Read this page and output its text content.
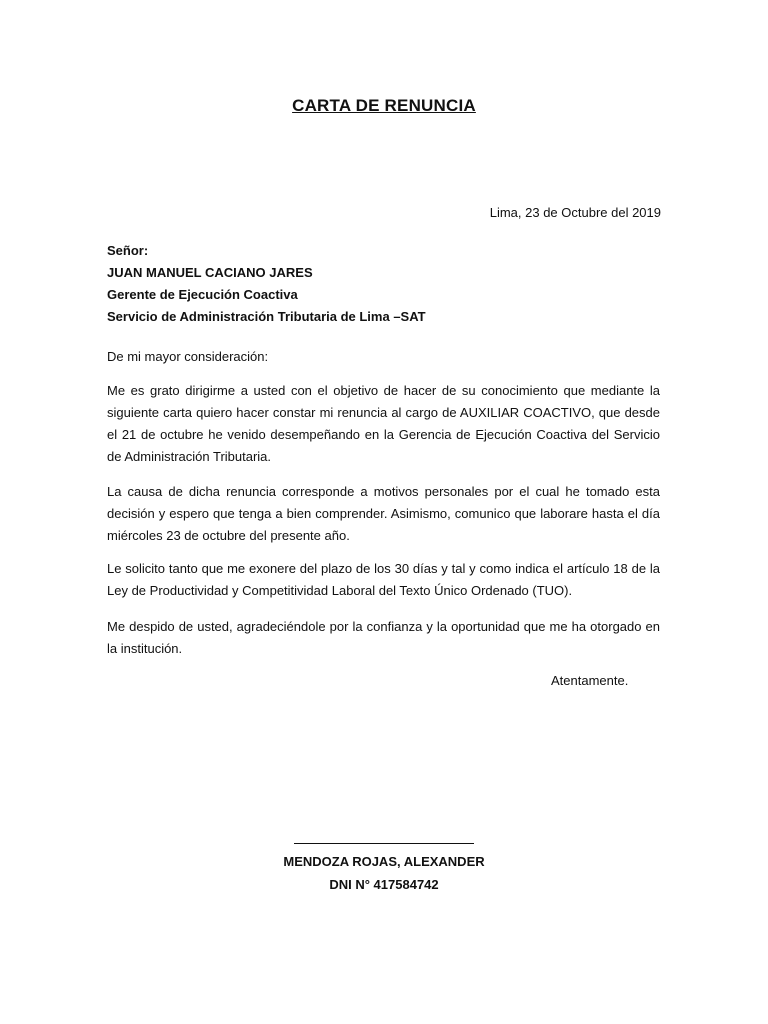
CARTA DE RENUNCIA
Lima, 23 de Octubre del 2019
Señor:
JUAN MANUEL CACIANO JARES
Gerente de Ejecución Coactiva
Servicio de Administración Tributaria de Lima –SAT
De mi mayor consideración:

Me es grato dirigirme a usted con el objetivo de hacer de su conocimiento que mediante la siguiente carta quiero hacer constar mi renuncia al cargo de AUXILIAR COACTIVO, que desde el 21 de octubre he venido desempeñando en la Gerencia de Ejecución Coactiva del Servicio de Administración Tributaria.

La causa de dicha renuncia corresponde a motivos personales por el cual he tomado esta decisión y espero que tenga a bien comprender. Asimismo, comunico que laborare hasta el día miércoles 23 de octubre del presente año.

Le solicito tanto que me exonere del plazo de los 30 días y tal y como indica el artículo 18 de la Ley de Productividad y Competitividad Laboral del Texto Único Ordenado (TUO).

Me despido de usted, agradeciéndole por la confianza y la oportunidad que me ha otorgado en la institución.

Atentamente.
MENDOZA ROJAS, ALEXANDER
DNI N° 417584742
